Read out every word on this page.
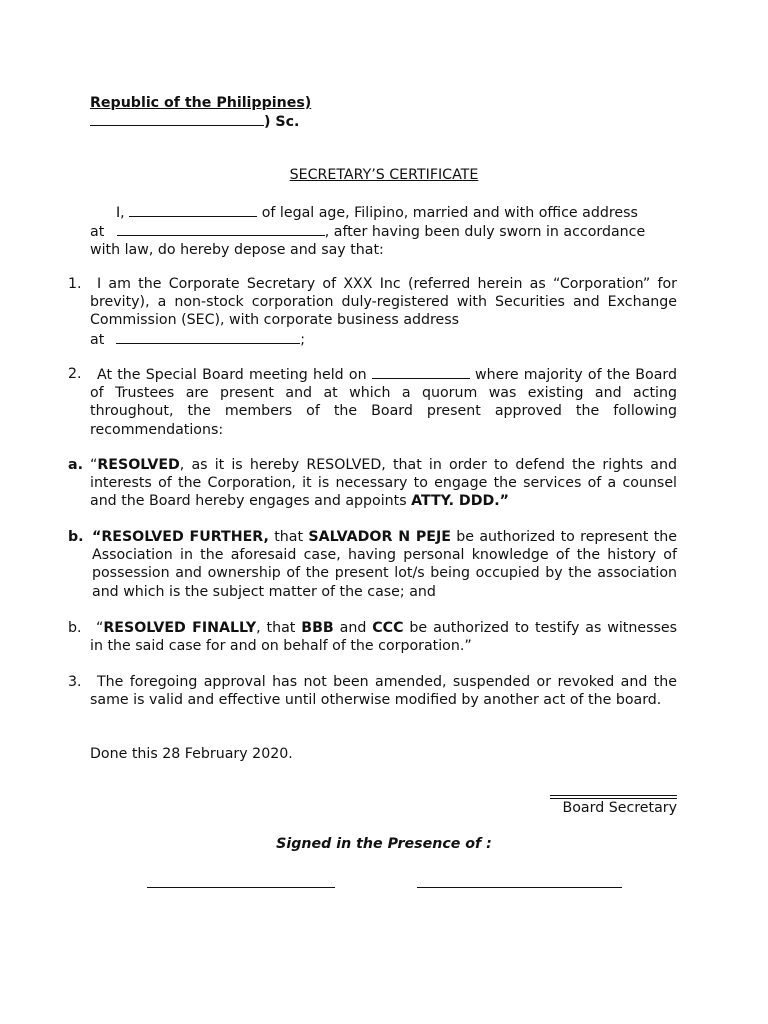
Republic of the Philippines)
) Sc.
SECRETARY’S CERTIFICATE
I,	of legal age, Filipino, married and with office address
at	, after having been duly sworn in accordance
with law, do hereby depose and say that:
1.	I am the Corporate Secretary of XXX Inc (referred herein as “Corporation” for brevity), a non-stock corporation duly-registered with Securities and Exchange Commission (SEC), with corporate business address
at	;
2.	At the Special Board meeting held on	where majority of the Board of Trustees are present and at which a quorum was existing and acting throughout, the members of the Board present approved the following recommendations:
a. “RESOLVED, as it is hereby RESOLVED, that in order to defend the rights and interests of the Corporation, it is necessary to engage the services of a counsel and the Board hereby engages and appoints ATTY. DDD.”
b. “RESOLVED FURTHER, that SALVADOR N PEJE be authorized to represent the Association in the aforesaid case, having personal knowledge of the history of possession and ownership of the present lot/s being occupied by the association and which is the subject matter of the case; and
b.	“RESOLVED FINALLY, that BBB and CCC be authorized to testify as witnesses in the said case for and on behalf of the corporation.”
3.	The foregoing approval has not been amended, suspended or revoked and the same is valid and effective until otherwise modified by another act of the board.
Done this 28 February 2020.
Board Secretary
Signed in the Presence of :
